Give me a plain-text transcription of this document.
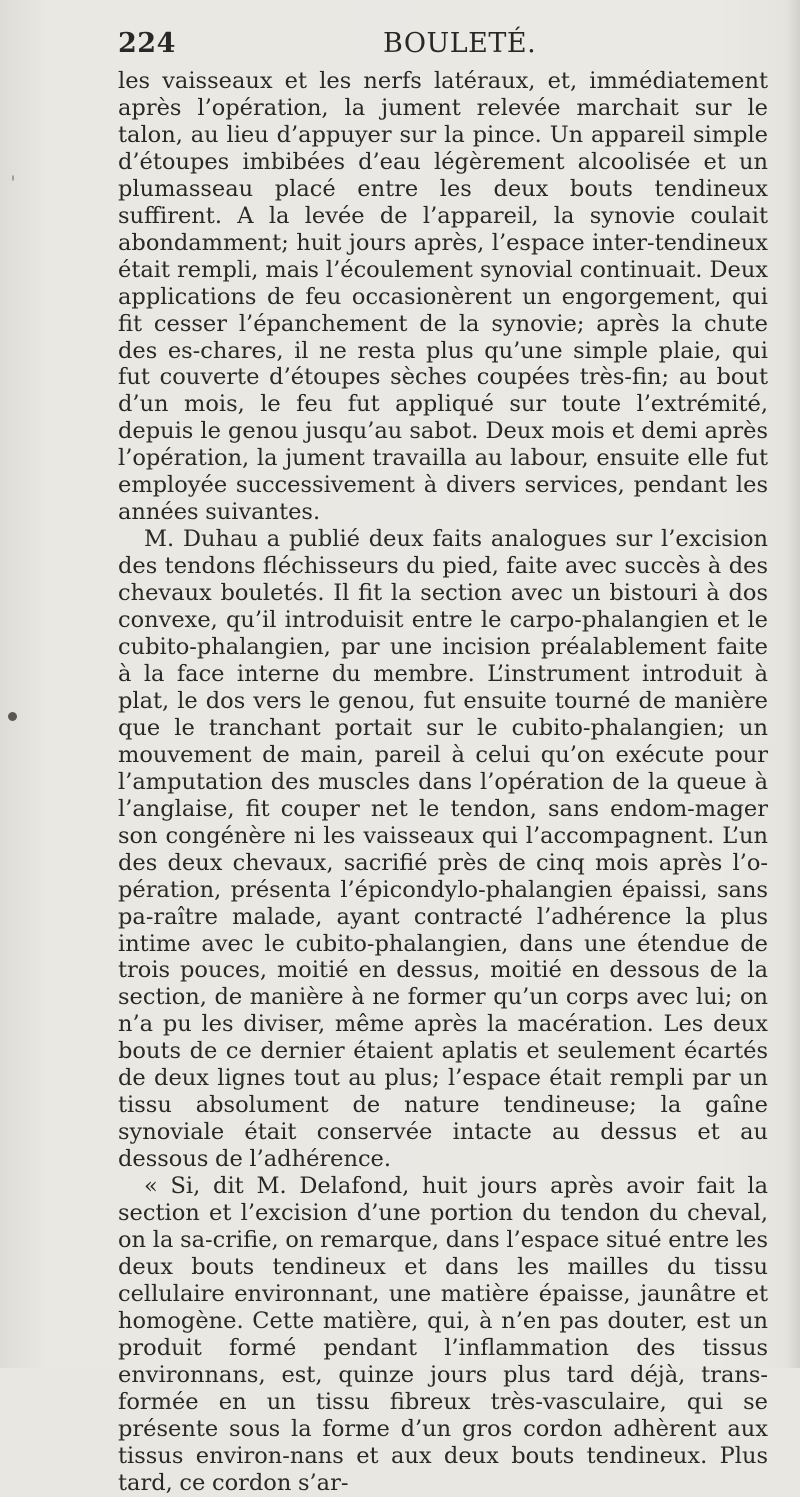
224	BOULETÉ.

les vaisseaux et les nerfs latéraux, et, immédiatement après l’opération, la jument relevée marchait sur le talon, au lieu d’appuyer sur la pince. Un appareil simple d’étoupes imbibées d’eau légèrement alcoolisée et un plumasseau placé entre les deux bouts tendineux suffirent. A la levée de l’appareil, la synovie coulait abondamment; huit jours après, l’espace inter-tendineux était rempli, mais l’écoulement synovial continuait. Deux applications de feu occasionèrent un engorgement, qui fit cesser l’épanchement de la synovie; après la chute des es-chares, il ne resta plus qu’une simple plaie, qui fut couverte d’étoupes sèches coupées très-fin; au bout d’un mois, le feu fut appliqué sur toute l’extrémité, depuis le genou jusqu’au sabot. Deux mois et demi après l’opération, la jument travailla au labour, ensuite elle fut employée successivement à divers services, pendant les années suivantes.

M. Duhau a publié deux faits analogues sur l’excision des tendons fléchisseurs du pied, faite avec succès à des chevaux bouletés. Il fit la section avec un bistouri à dos convexe, qu’il introduisit entre le carpo-phalangien et le cubito-phalangien, par une incision préalablement faite à la face interne du membre. L’instrument introduit à plat, le dos vers le genou, fut ensuite tourné de manière que le tranchant portait sur le cubito-phalangien; un mouvement de main, pareil à celui qu’on exécute pour l’amputation des muscles dans l’opération de la queue à l’anglaise, fit couper net le tendon, sans endom-mager son congénère ni les vaisseaux qui l’accompagnent. L’un des deux chevaux, sacrifié près de cinq mois après l’o-pération, présenta l’épicondylo-phalangien épaissi, sans pa-raître malade, ayant contracté l’adhérence la plus intime avec le cubito-phalangien, dans une étendue de trois pouces, moitié en dessus, moitié en dessous de la section, de manière à ne former qu’un corps avec lui; on n’a pu les diviser, même après la macération. Les deux bouts de ce dernier étaient aplatis et seulement écartés de deux lignes tout au plus; l’espace était rempli par un tissu absolument de nature tendineuse; la gaîne synoviale était conservée intacte au dessus et au dessous de l’adhérence.

« Si, dit M. Delafond, huit jours après avoir fait la section et l’excision d’une portion du tendon du cheval, on la sa-crifie, on remarque, dans l’espace situé entre les deux bouts tendineux et dans les mailles du tissu cellulaire environnant, une matière épaisse, jaunâtre et homogène. Cette matière, qui, à n’en pas douter, est un produit formé pendant l’inflammation des tissus environnans, est, quinze jours plus tard déjà, trans-formée en un tissu fibreux très-vasculaire, qui se présente sous la forme d’un gros cordon adhèrent aux tissus environ-nans et aux deux bouts tendineux. Plus tard, ce cordon s’ar-
